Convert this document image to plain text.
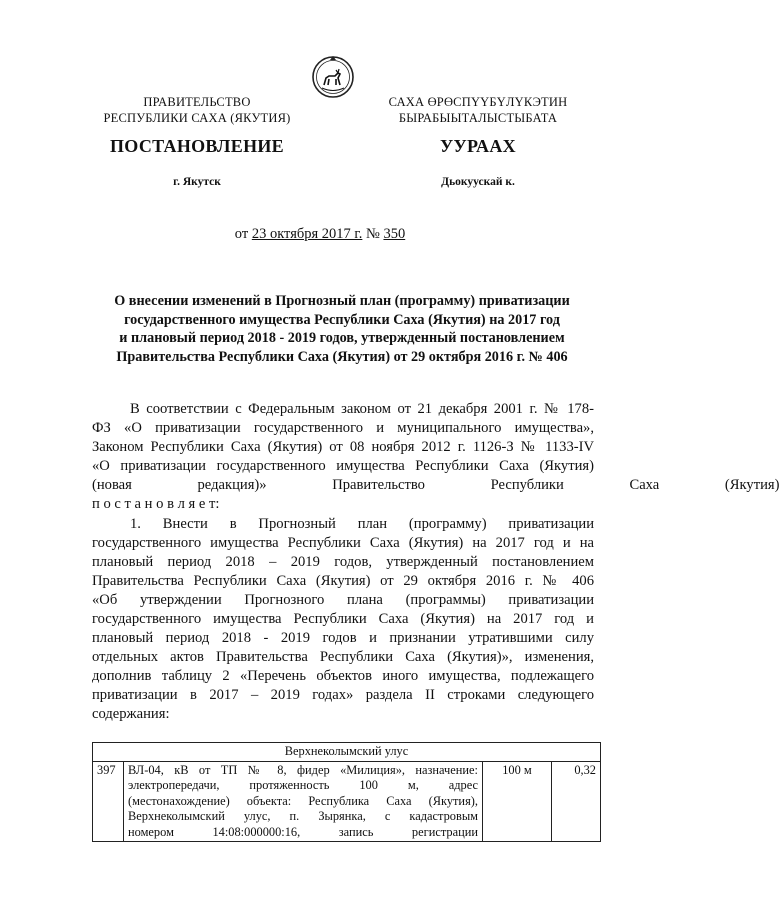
ПРАВИТЕЛЬСТВО
РЕСПУБЛИКИ САХА (ЯКУТИЯ)
САХА ӨРӨСПҮҮБҮЛҮКЭТИН
БЫРАБЫЫТАЛЫСТЫБАТА
ПОСТАНОВЛЕНИЕ	УУРААХ
г. Якутск	Дьокуускай к.
от 23 октября 2017 г. № 350
О внесении изменений в Прогнозный план (программу) приватизации
государственного имущества Республики Саха (Якутия) на 2017 год
и плановый период 2018 - 2019 годов, утвержденный постановлением
Правительства Республики Саха (Якутия) от 29 октября 2016 г. № 406
В соответствии с Федеральным законом от 21 декабря 2001 г. № 178-
ФЗ «О приватизации государственного и муниципального имущества»,
Законом Республики Саха (Якутия) от 08 ноября 2012 г. 1126-З № 1133-IV
«О приватизации государственного имущества Республики Саха (Якутия)
(новая редакция)» Правительство Республики Саха (Якутия)
п о с т а н о в л я е т:
1. Внести в Прогнозный план (программу) приватизации
государственного имущества Республики Саха (Якутия) на 2017 год и на
плановый период 2018 – 2019 годов, утвержденный постановлением
Правительства Республики Саха (Якутия) от 29 октября 2016 г. № 406
«Об утверждении Прогнозного плана (программы) приватизации
государственного имущества Республики Саха (Якутия) на 2017 год и
плановый период 2018 - 2019 годов и признании утратившими силу
отдельных актов Правительства Республики Саха (Якутия)», изменения,
дополнив таблицу 2 «Перечень объектов иного имущества, подлежащего
приватизации в 2017 – 2019 годах» раздела II строками следующего
содержания:
Верхнеколымский улус
397	ВЛ-04, кВ от ТП № 8, фидер «Милиция», назначение:
электропередачи, протяженность 100 м, адрес
(местонахождение) объекта: Республика Саха (Якутия),
Верхнеколымский улус, п. Зырянка, с кадастровым
номером 14:08:000000:16, запись регистрации
	100 м	0,32
